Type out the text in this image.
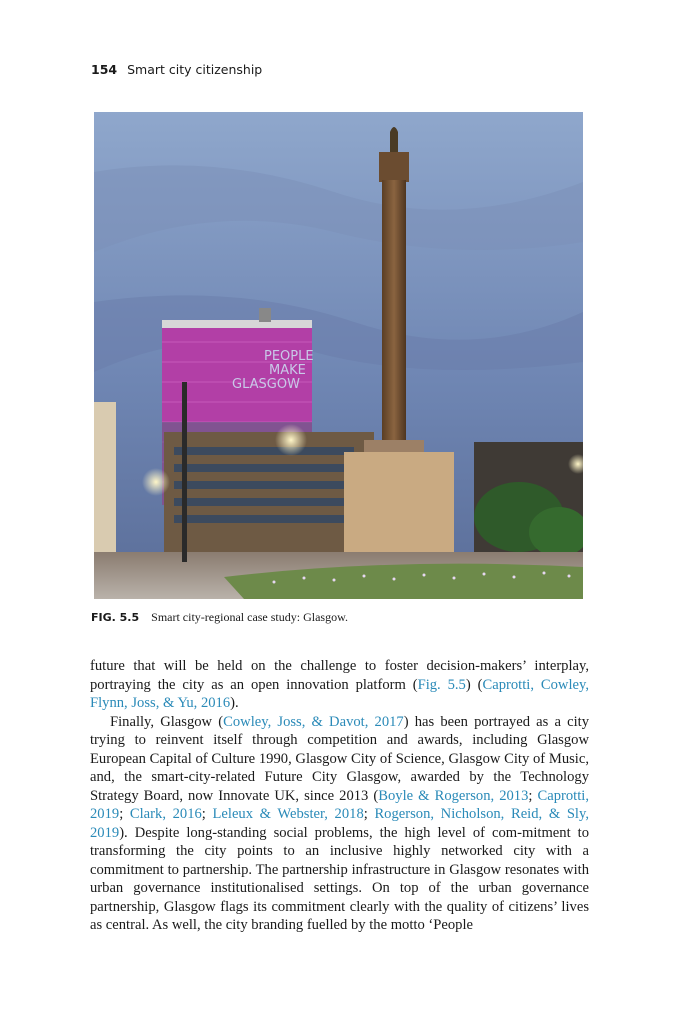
154 Smart city citizenship
PEOPLE
MAKE
GLASGOW
FIG. 5.5 Smart city-regional case study: Glasgow.

future that will be held on the challenge to foster decision-makers’ interplay, portraying the city as an open innovation platform (Fig. 5.5) (Caprotti, Cowley, Flynn, Joss, & Yu, 2016).

Finally, Glasgow (Cowley, Joss, & Davot, 2017) has been portrayed as a city trying to reinvent itself through competition and awards, including Glasgow European Capital of Culture 1990, Glasgow City of Science, Glasgow City of Music, and, the smart-city-related Future City Glasgow, awarded by the Technology Strategy Board, now Innovate UK, since 2013 (Boyle & Rogerson, 2013; Caprotti, 2019; Clark, 2016; Leleux & Webster, 2018; Rogerson, Nicholson, Reid, & Sly, 2019). Despite long-standing social problems, the high level of com-mitment to transforming the city points to an inclusive highly networked city with a commitment to partnership. The partnership infrastructure in Glasgow resonates with urban governance institutionalised settings. On top of the urban governance partnership, Glasgow flags its commitment clearly with the quality of citizens’ lives as central. As well, the city branding fuelled by the motto ‘People
